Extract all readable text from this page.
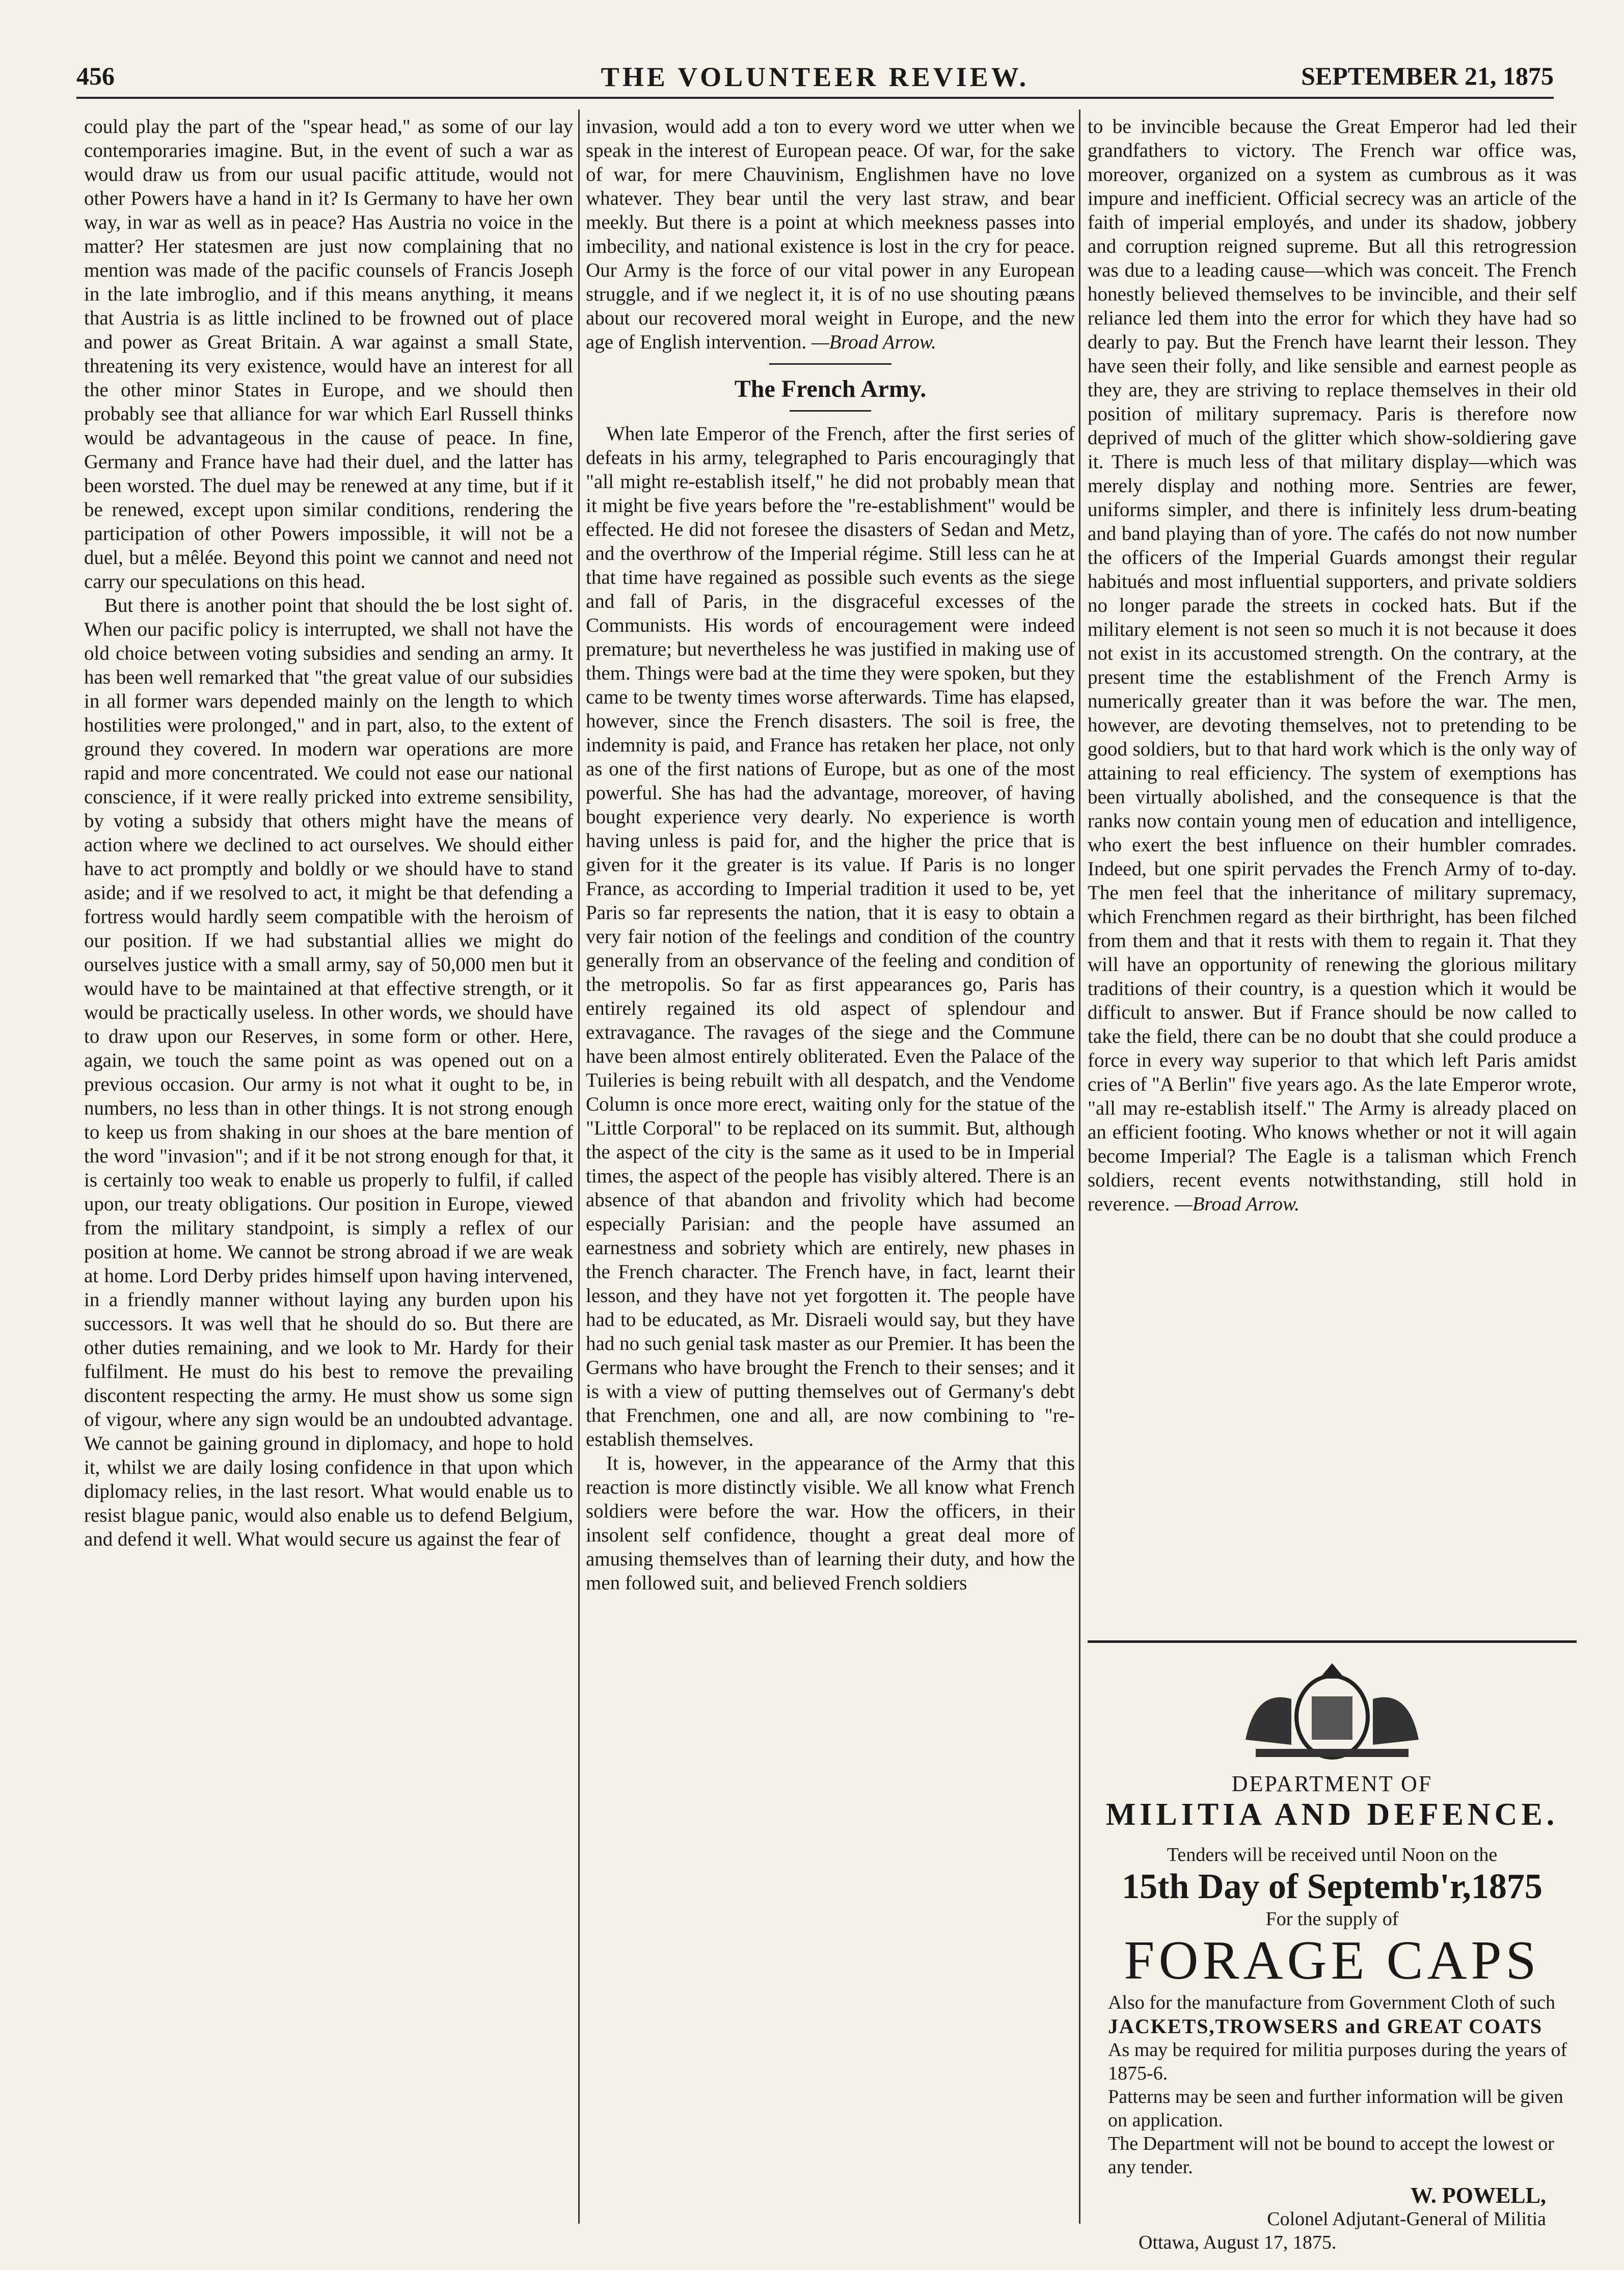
456	THE VOLUNTEER REVIEW.	SEPTEMBER 21, 1875

could play the part of the "spear head," as some of our lay contemporaries imagine. But, in the event of such a war as would draw us from our usual pacific attitude, would not other Powers have a hand in it? Is Germany to have her own way, in war as well as in peace? Has Austria no voice in the matter? Her statesmen are just now complaining that no mention was made of the pacific counsels of Francis Joseph in the late imbroglio, and if this means anything, it means that Austria is as little inclined to be frowned out of place and power as Great Britain. A war against a small State, threatening its very existence, would have an interest for all the other minor States in Europe, and we should then probably see that alliance for war which Earl Russell thinks would be advantageous in the cause of peace. In fine, Germany and France have had their duel, and the latter has been worsted. The duel may be renewed at any time, but if it be renewed, except upon similar conditions, rendering the participation of other Powers impossible, it will not be a duel, but a mêlée. Beyond this point we cannot and need not carry our speculations on this head.

But there is another point that should the be lost sight of. When our pacific policy is interrupted, we shall not have the old choice between voting subsidies and sending an army. It has been well remarked that "the great value of our subsidies in all former wars depended mainly on the length to which hostilities were prolonged," and in part, also, to the extent of ground they covered. In modern war operations are more rapid and more concentrated. We could not ease our national conscience, if it were really pricked into extreme sensibility, by voting a subsidy that others might have the means of action where we declined to act ourselves. We should either have to act promptly and boldly or we should have to stand aside; and if we resolved to act, it might be that defending a fortress would hardly seem compatible with the heroism of our position. If we had substantial allies we might do ourselves justice with a small army, say of 50,000 men but it would have to be maintained at that effective strength, or it would be practically useless. In other words, we should have to draw upon our Reserves, in some form or other. Here, again, we touch the same point as was opened out on a previous occasion. Our army is not what it ought to be, in numbers, no less than in other things. It is not strong enough to keep us from shaking in our shoes at the bare mention of the word "invasion"; and if it be not strong enough for that, it is certainly too weak to enable us properly to fulfil, if called upon, our treaty obligations. Our position in Europe, viewed from the military standpoint, is simply a reflex of our position at home. We cannot be strong abroad if we are weak at home. Lord Derby prides himself upon having intervened, in a friendly manner without laying any burden upon his successors. It was well that he should do so. But there are other duties remaining, and we look to Mr. Hardy for their fulfilment. He must do his best to remove the prevailing discontent respecting the army. He must show us some sign of vigour, where any sign would be an undoubted advantage. We cannot be gaining ground in diplomacy, and hope to hold it, whilst we are daily losing confidence in that upon which diplomacy relies, in the last resort. What would enable us to resist blague panic, would also enable us to defend Belgium, and defend it well. What would secure us against the fear of

invasion, would add a ton to every word we utter when we speak in the interest of European peace. Of war, for the sake of war, for mere Chauvinism, Englishmen have no love whatever. They bear until the very last straw, and bear meekly. But there is a point at which meekness passes into imbecility, and national existence is lost in the cry for peace. Our Army is the force of our vital power in any European struggle, and if we neglect it, it is of no use shouting pæans about our recovered moral weight in Europe, and the new age of English intervention. —Broad Arrow.

The French Army.

When late Emperor of the French, after the first series of defeats in his army, telegraphed to Paris encouragingly that "all might re-establish itself," he did not probably mean that it might be five years before the "re-establishment" would be effected. He did not foresee the disasters of Sedan and Metz, and the overthrow of the Imperial régime. Still less can he at that time have regained as possible such events as the siege and fall of Paris, in the disgraceful excesses of the Communists. His words of encouragement were indeed premature; but nevertheless he was justified in making use of them. Things were bad at the time they were spoken, but they came to be twenty times worse afterwards. Time has elapsed, however, since the French disasters. The soil is free, the indemnity is paid, and France has retaken her place, not only as one of the first nations of Europe, but as one of the most powerful. She has had the advantage, moreover, of having bought experience very dearly. No experience is worth having unless is paid for, and the higher the price that is given for it the greater is its value. If Paris is no longer France, as according to Imperial tradition it used to be, yet Paris so far represents the nation, that it is easy to obtain a very fair notion of the feelings and condition of the country generally from an observance of the feeling and condition of the metropolis. So far as first appearances go, Paris has entirely regained its old aspect of splendour and extravagance. The ravages of the siege and the Commune have been almost entirely obliterated. Even the Palace of the Tuileries is being rebuilt with all despatch, and the Vendome Column is once more erect, waiting only for the statue of the "Little Corporal" to be replaced on its summit. But, although the aspect of the city is the same as it used to be in Imperial times, the aspect of the people has visibly altered. There is an absence of that abandon and frivolity which had become especially Parisian: and the people have assumed an earnestness and sobriety which are entirely, new phases in the French character. The French have, in fact, learnt their lesson, and they have not yet forgotten it. The people have had to be educated, as Mr. Disraeli would say, but they have had no such genial task master as our Premier. It has been the Germans who have brought the French to their senses; and it is with a view of putting themselves out of Germany's debt that Frenchmen, one and all, are now combining to "re-establish themselves.

It is, however, in the appearance of the Army that this reaction is more distinctly visible. We all know what French soldiers were before the war. How the officers, in their insolent self confidence, thought a great deal more of amusing themselves than of learning their duty, and how the men followed suit, and believed French soldiers

to be invincible because the Great Emperor had led their grandfathers to victory. The French war office was, moreover, organized on a system as cumbrous as it was impure and inefficient. Official secrecy was an article of the faith of imperial employés, and under its shadow, jobbery and corruption reigned supreme. But all this retrogression was due to a leading cause—which was conceit. The French honestly believed themselves to be invincible, and their self reliance led them into the error for which they have had so dearly to pay. But the French have learnt their lesson. They have seen their folly, and like sensible and earnest people as they are, they are striving to replace themselves in their old position of military supremacy. Paris is therefore now deprived of much of the glitter which show-soldiering gave it. There is much less of that military display—which was merely display and nothing more. Sentries are fewer, uniforms simpler, and there is infinitely less drum-beating and band playing than of yore. The cafés do not now number the officers of the Imperial Guards amongst their regular habitués and most influential supporters, and private soldiers no longer parade the streets in cocked hats. But if the military element is not seen so much it is not because it does not exist in its accustomed strength. On the contrary, at the present time the establishment of the French Army is numerically greater than it was before the war. The men, however, are devoting themselves, not to pretending to be good soldiers, but to that hard work which is the only way of attaining to real efficiency. The system of exemptions has been virtually abolished, and the consequence is that the ranks now contain young men of education and intelligence, who exert the best influence on their humbler comrades. Indeed, but one spirit pervades the French Army of to-day. The men feel that the inheritance of military supremacy, which Frenchmen regard as their birthright, has been filched from them and that it rests with them to regain it. That they will have an opportunity of renewing the glorious military traditions of their country, is a question which it would be difficult to answer. But if France should be now called to take the field, there can be no doubt that she could produce a force in every way superior to that which left Paris amidst cries of "A Berlin" five years ago. As the late Emperor wrote, "all may re-establish itself." The Army is already placed on an efficient footing. Who knows whether or not it will again become Imperial? The Eagle is a talisman which French soldiers, recent events notwithstanding, still hold in reverence. —Broad Arrow.

DEPARTMENT OF
MILITIA AND DEFENCE.
Tenders will be received until Noon on the
15th Day of Septemb'r,1875
For the supply of
FORAGE CAPS
Also for the manufacture from Government Cloth of such
JACKETS,TROWSERS and GREAT COATS
As may be required for militia purposes during the years of 1875-6.
Patterns may be seen and further information will be given on application.
The Department will not be bound to accept the lowest or any tender.
W. POWELL,
Colonel Adjutant-General of Militia
Ottawa, August 17, 1875.
